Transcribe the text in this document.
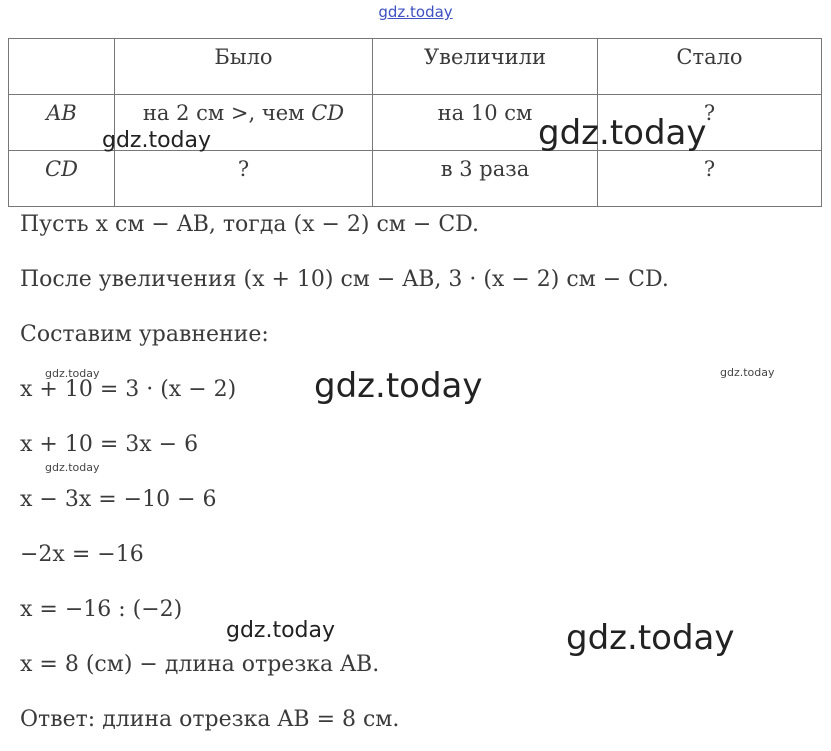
gdz.today
	Было	Увеличили	Стало
AB	на 2 см >, чем CD	на 10 см	?
CD	?	в 3 раза	?
Пусть x см − AB, тогда (x − 2) см − CD.
После увеличения (x + 10) см − AB, 3 · (x − 2) см − CD.
Составим уравнение:
x + 10 = 3 · (x − 2)
x + 10 = 3x − 6
x − 3x = −10 − 6
−2x = −16
x = −16 : (−2)
x = 8 (см) − длина отрезка AB.
Ответ: длина отрезка AB = 8 см.
gdz.today	gdz.today
gdz.today	gdz.today
gdz.today
gdz.today
gdz.today	gdz.today
